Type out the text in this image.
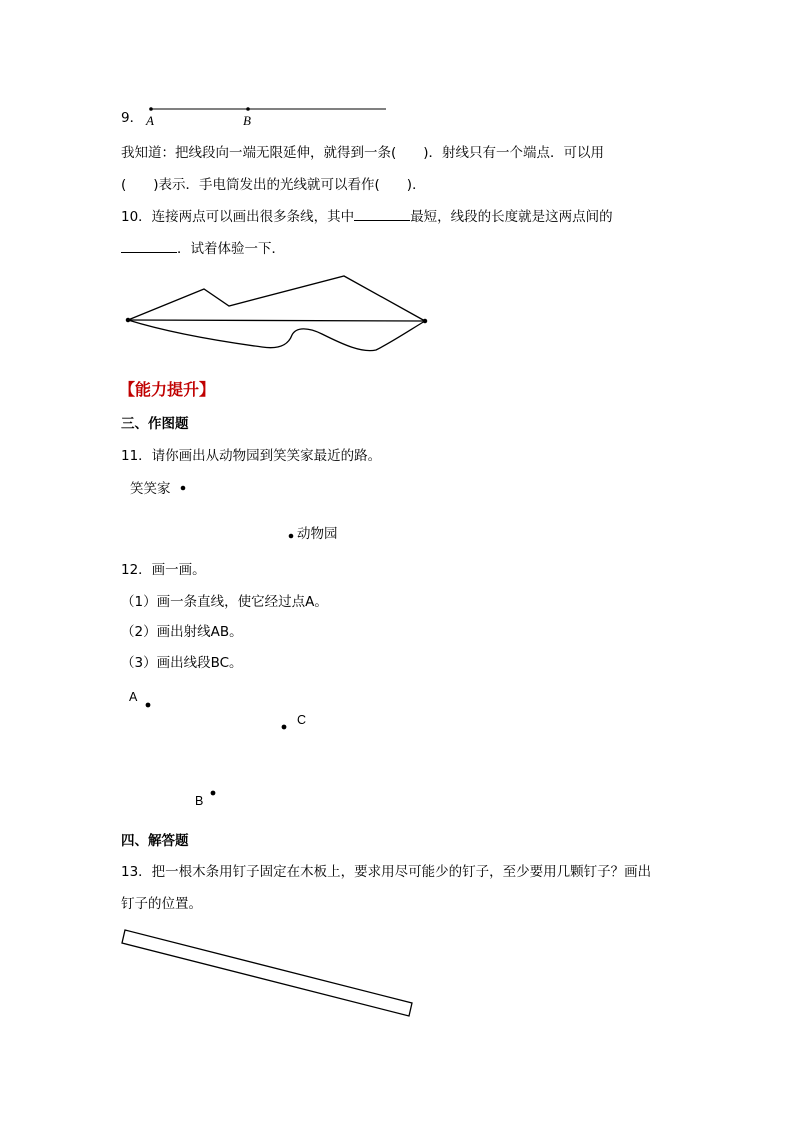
9． A	B
我知道：把线段向一端无限延伸，就得到一条(　　)．射线只有一个端点．可以用
(　　)表示．手电筒发出的光线就可以看作(　　)．
10．连接两点可以画出很多条线，其中	最短，线段的长度就是这两点间的
．试着体验一下．
【能力提升】
三、作图题
11．请你画出从动物园到笑笑家最近的路。
笑笑家
动物园
12．画一画。
（1）画一条直线，使它经过点A。
（2）画出射线AB。
（3）画出线段BC。
A
C
B
四、解答题
13．把一根木条用钉子固定在木板上，要求用尽可能少的钉子，至少要用几颗钉子？画出
钉子的位置。
